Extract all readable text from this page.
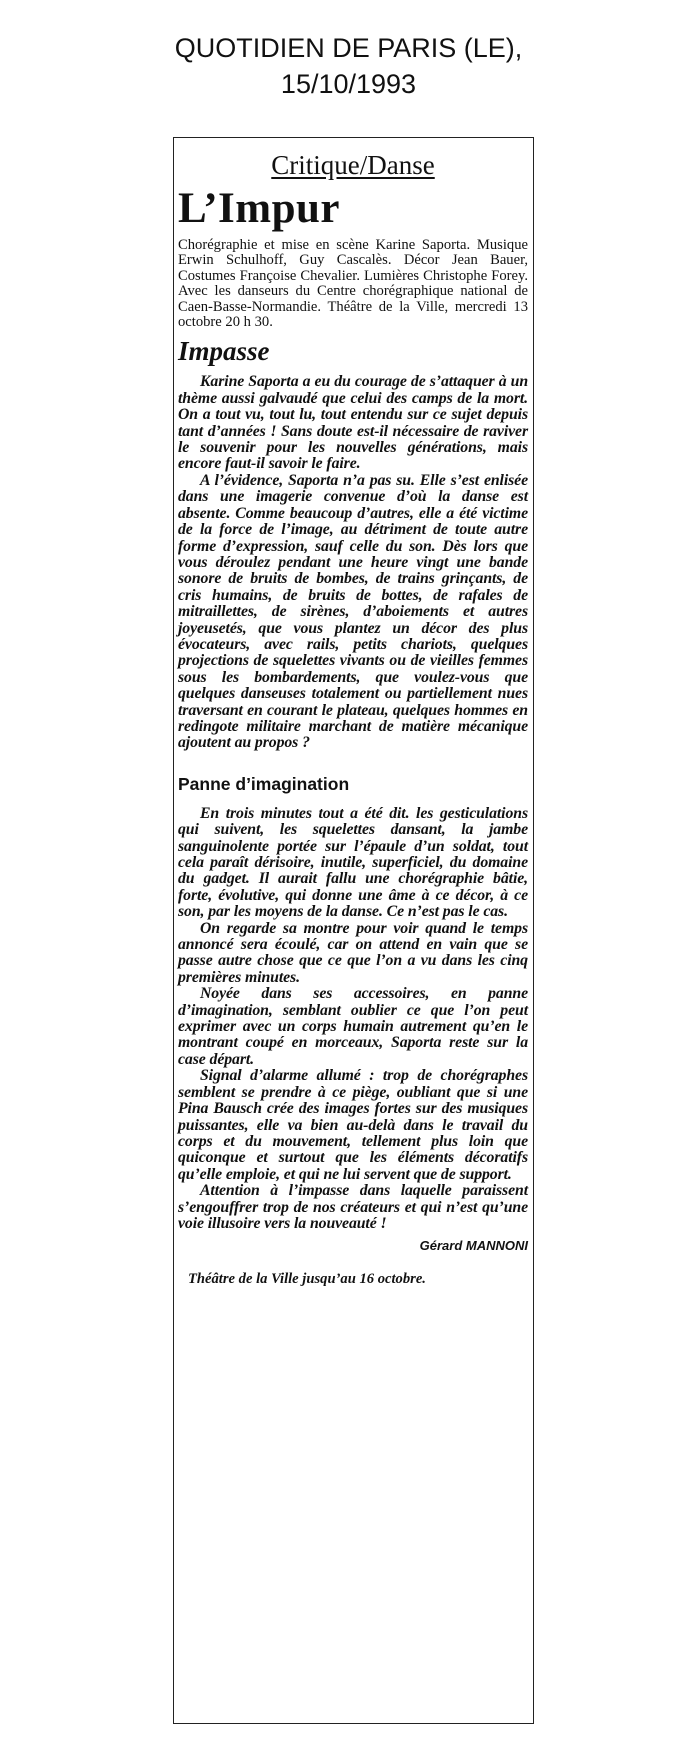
QUOTIDIEN DE PARIS (LE),
15/10/1993
Critique/Danse
L’Impur

Chorégraphie et mise en scène Karine Saporta. Musique Erwin Schulhoff, Guy Cascalès. Décor Jean Bauer, Costumes Françoise Chevalier. Lumières Christophe Forey. Avec les danseurs du Centre chorégraphique national de Caen-Basse-Normandie. Théâtre de la Ville, mercredi 13 octobre 20 h 30.

Impasse

Karine Saporta a eu du courage de s’attaquer à un thème aussi galvaudé que celui des camps de la mort. On a tout vu, tout lu, tout entendu sur ce sujet depuis tant d’années ! Sans doute est-il nécessaire de raviver le souvenir pour les nouvelles générations, mais encore faut-il savoir le faire.

A l’évidence, Saporta n’a pas su. Elle s’est enlisée dans une imagerie convenue d’où la danse est absente. Comme beaucoup d’autres, elle a été victime de la force de l’image, au détriment de toute autre forme d’expression, sauf celle du son. Dès lors que vous déroulez pendant une heure vingt une bande sonore de bruits de bombes, de trains grinçants, de cris humains, de bruits de bottes, de rafales de mitraillettes, de sirènes, d’aboiements et autres joyeusetés, que vous plantez un décor des plus évocateurs, avec rails, petits chariots, quelques projections de squelettes vivants ou de vieilles femmes sous les bombardements, que voulez-vous que quelques danseuses totalement ou partiellement nues traversant en courant le plateau, quelques hommes en redingote militaire marchant de matière mécanique ajoutent au propos ?

Panne d’imagination

En trois minutes tout a été dit. les gesticulations qui suivent, les squelettes dansant, la jambe sanguinolente portée sur l’épaule d’un soldat, tout cela paraît dérisoire, inutile, superficiel, du domaine du gadget. Il aurait fallu une chorégraphie bâtie, forte, évolutive, qui donne une âme à ce décor, à ce son, par les moyens de la danse. Ce n’est pas le cas.

On regarde sa montre pour voir quand le temps annoncé sera écoulé, car on attend en vain que se passe autre chose que ce que l’on a vu dans les cinq premières minutes.

Noyée dans ses accessoires, en panne d’imagination, semblant oublier ce que l’on peut exprimer avec un corps humain autrement qu’en le montrant coupé en morceaux, Saporta reste sur la case départ.

Signal d’alarme allumé : trop de chorégraphes semblent se prendre à ce piège, oubliant que si une Pina Bausch crée des images fortes sur des musiques puissantes, elle va bien au-delà dans le travail du corps et du mouvement, tellement plus loin que quiconque et surtout que les éléments décoratifs qu’elle emploie, et qui ne lui servent que de support.

Attention à l’impasse dans laquelle paraissent s’engouffrer trop de nos créateurs et qui n’est qu’une voie illusoire vers la nouveauté !

Gérard MANNONI

Théâtre de la Ville jusqu’au 16 octobre.
